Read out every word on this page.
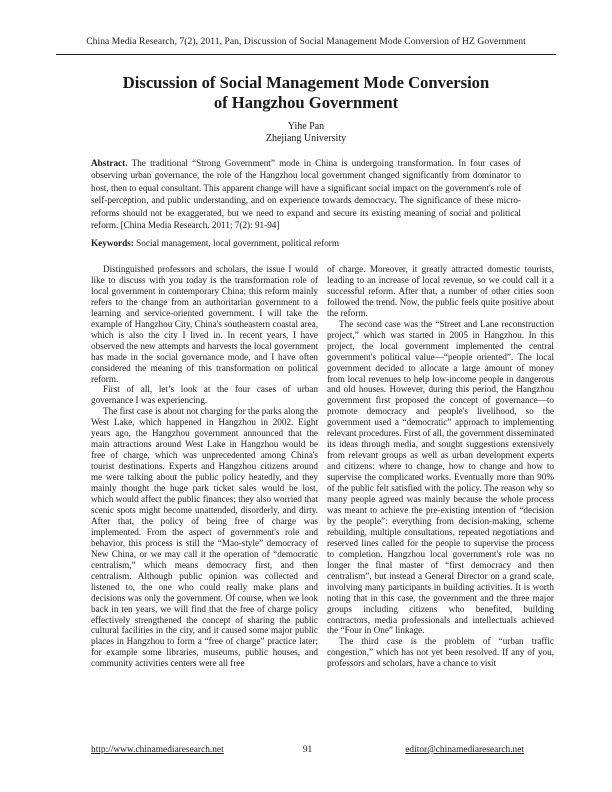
China Media Research, 7(2), 2011, Pan, Discussion of Social Management Mode Conversion of HZ Government
Discussion of Social Management Mode Conversion
of Hangzhou Government
Yihe Pan
Zhejiang University
Abstract. The traditional “Strong Government” mode in China is undergoing transformation. In four cases of observing urban governance, the role of the Hangzhou local government changed significantly from dominator to host, then to equal consultant. This apparent change will have a significant social impact on the government's role of self-perception, and public understanding, and on experience towards democracy. The significance of these micro-reforms should not be exaggerated, but we need to expand and secure its existing meaning of social and political reform. [China Media Research. 2011; 7(2): 91-94]
Keywords: Social management, local government, political reform

Distinguished professors and scholars, the issue I would like to discuss with you today is the transformation role of local government in contemporary China; this reform mainly refers to the change from an authoritarian government to a learning and service-oriented government. I will take the example of Hangzhou City, China's southeastern coastal area, which is also the city I lived in. In recent years, I have observed the new attempts and harvests the local government has made in the social governance mode, and I have often considered the meaning of this transformation on political reform.

First of all, let’s look at the four cases of urban governance I was experiencing.

The first case is about not charging for the parks along the West Lake, which happened in Hangzhou in 2002. Eight years ago, the Hangzhou government announced that the main attractions around West Lake in Hangzhou would be free of charge, which was unprecedented among China's tourist destinations. Experts and Hangzhou citizens around me were talking about the public policy heatedly, and they mainly thought the huge park ticket sales would be lost, which would affect the public finances; they also worried that scenic spots might become unattended, disorderly, and dirty. After that, the policy of being free of charge was implemented. From the aspect of government's role and behavior, this process is still the “Mao-style” democracy of New China, or we may call it the operation of “democratic centralism,” which means democracy first, and then centralism. Although public opinion was collected and listened to, the one who could really make plans and decisions was only the government. Of course, when we look back in ten years, we will find that the free of charge policy effectively strengthened the concept of sharing the public cultural facilities in the city, and it caused some major public places in Hangzhou to form a “free of charge” practice later; for example some libraries, museums, public houses, and community activities centers were all free

of charge. Moreover, it greatly attracted domestic tourists, leading to an increase of local revenue, so we could call it a successful reform. After that, a number of other cities soon followed the trend. Now, the public feels quite positive about the reform.

The second case was the “Street and Lane reconstruction project,” which was started in 2005 in Hangzhou. In this project, the local government implemented the central government's political value—“people oriented”. The local government decided to allocate a large amount of money from local revenues to help low-income people in dangerous and old houses. However, during this period, the Hangzhou government first proposed the concept of governance—to promote democracy and people's livelihood, so the government used a “democratic” approach to implementing relevant procedures. First of all, the government disseminated its ideas through media, and sought suggestions extensively from relevant groups as well as urban development experts and citizens: where to change, how to change and how to supervise the complicated works. Eventually more than 90% of the public felt satisfied with the policy. The reason why so many people agreed was mainly because the whole process was meant to achieve the pre-existing intention of “decision by the people”: everything from decision-making, scheme rebuilding, multiple consultations, repeated negotiations and reserved lines called for the people to supervise the process to completion. Hangzhou local government's role was no longer the final master of “first democracy and then centralism”, but instead a General Director on a grand scale, involving many participants in building activities. It is worth noting that in this case, the government and the three major groups including citizens who benefited, building contractors, media professionals and intellectuals achieved the “Four in One” linkage.

The third case is the problem of “urban traffic congestion,” which has not yet been resolved. If any of you, professors and scholars, have a chance to visit

http://www.chinamediaresearch.net	91	editor@chinamediaresearch.net
